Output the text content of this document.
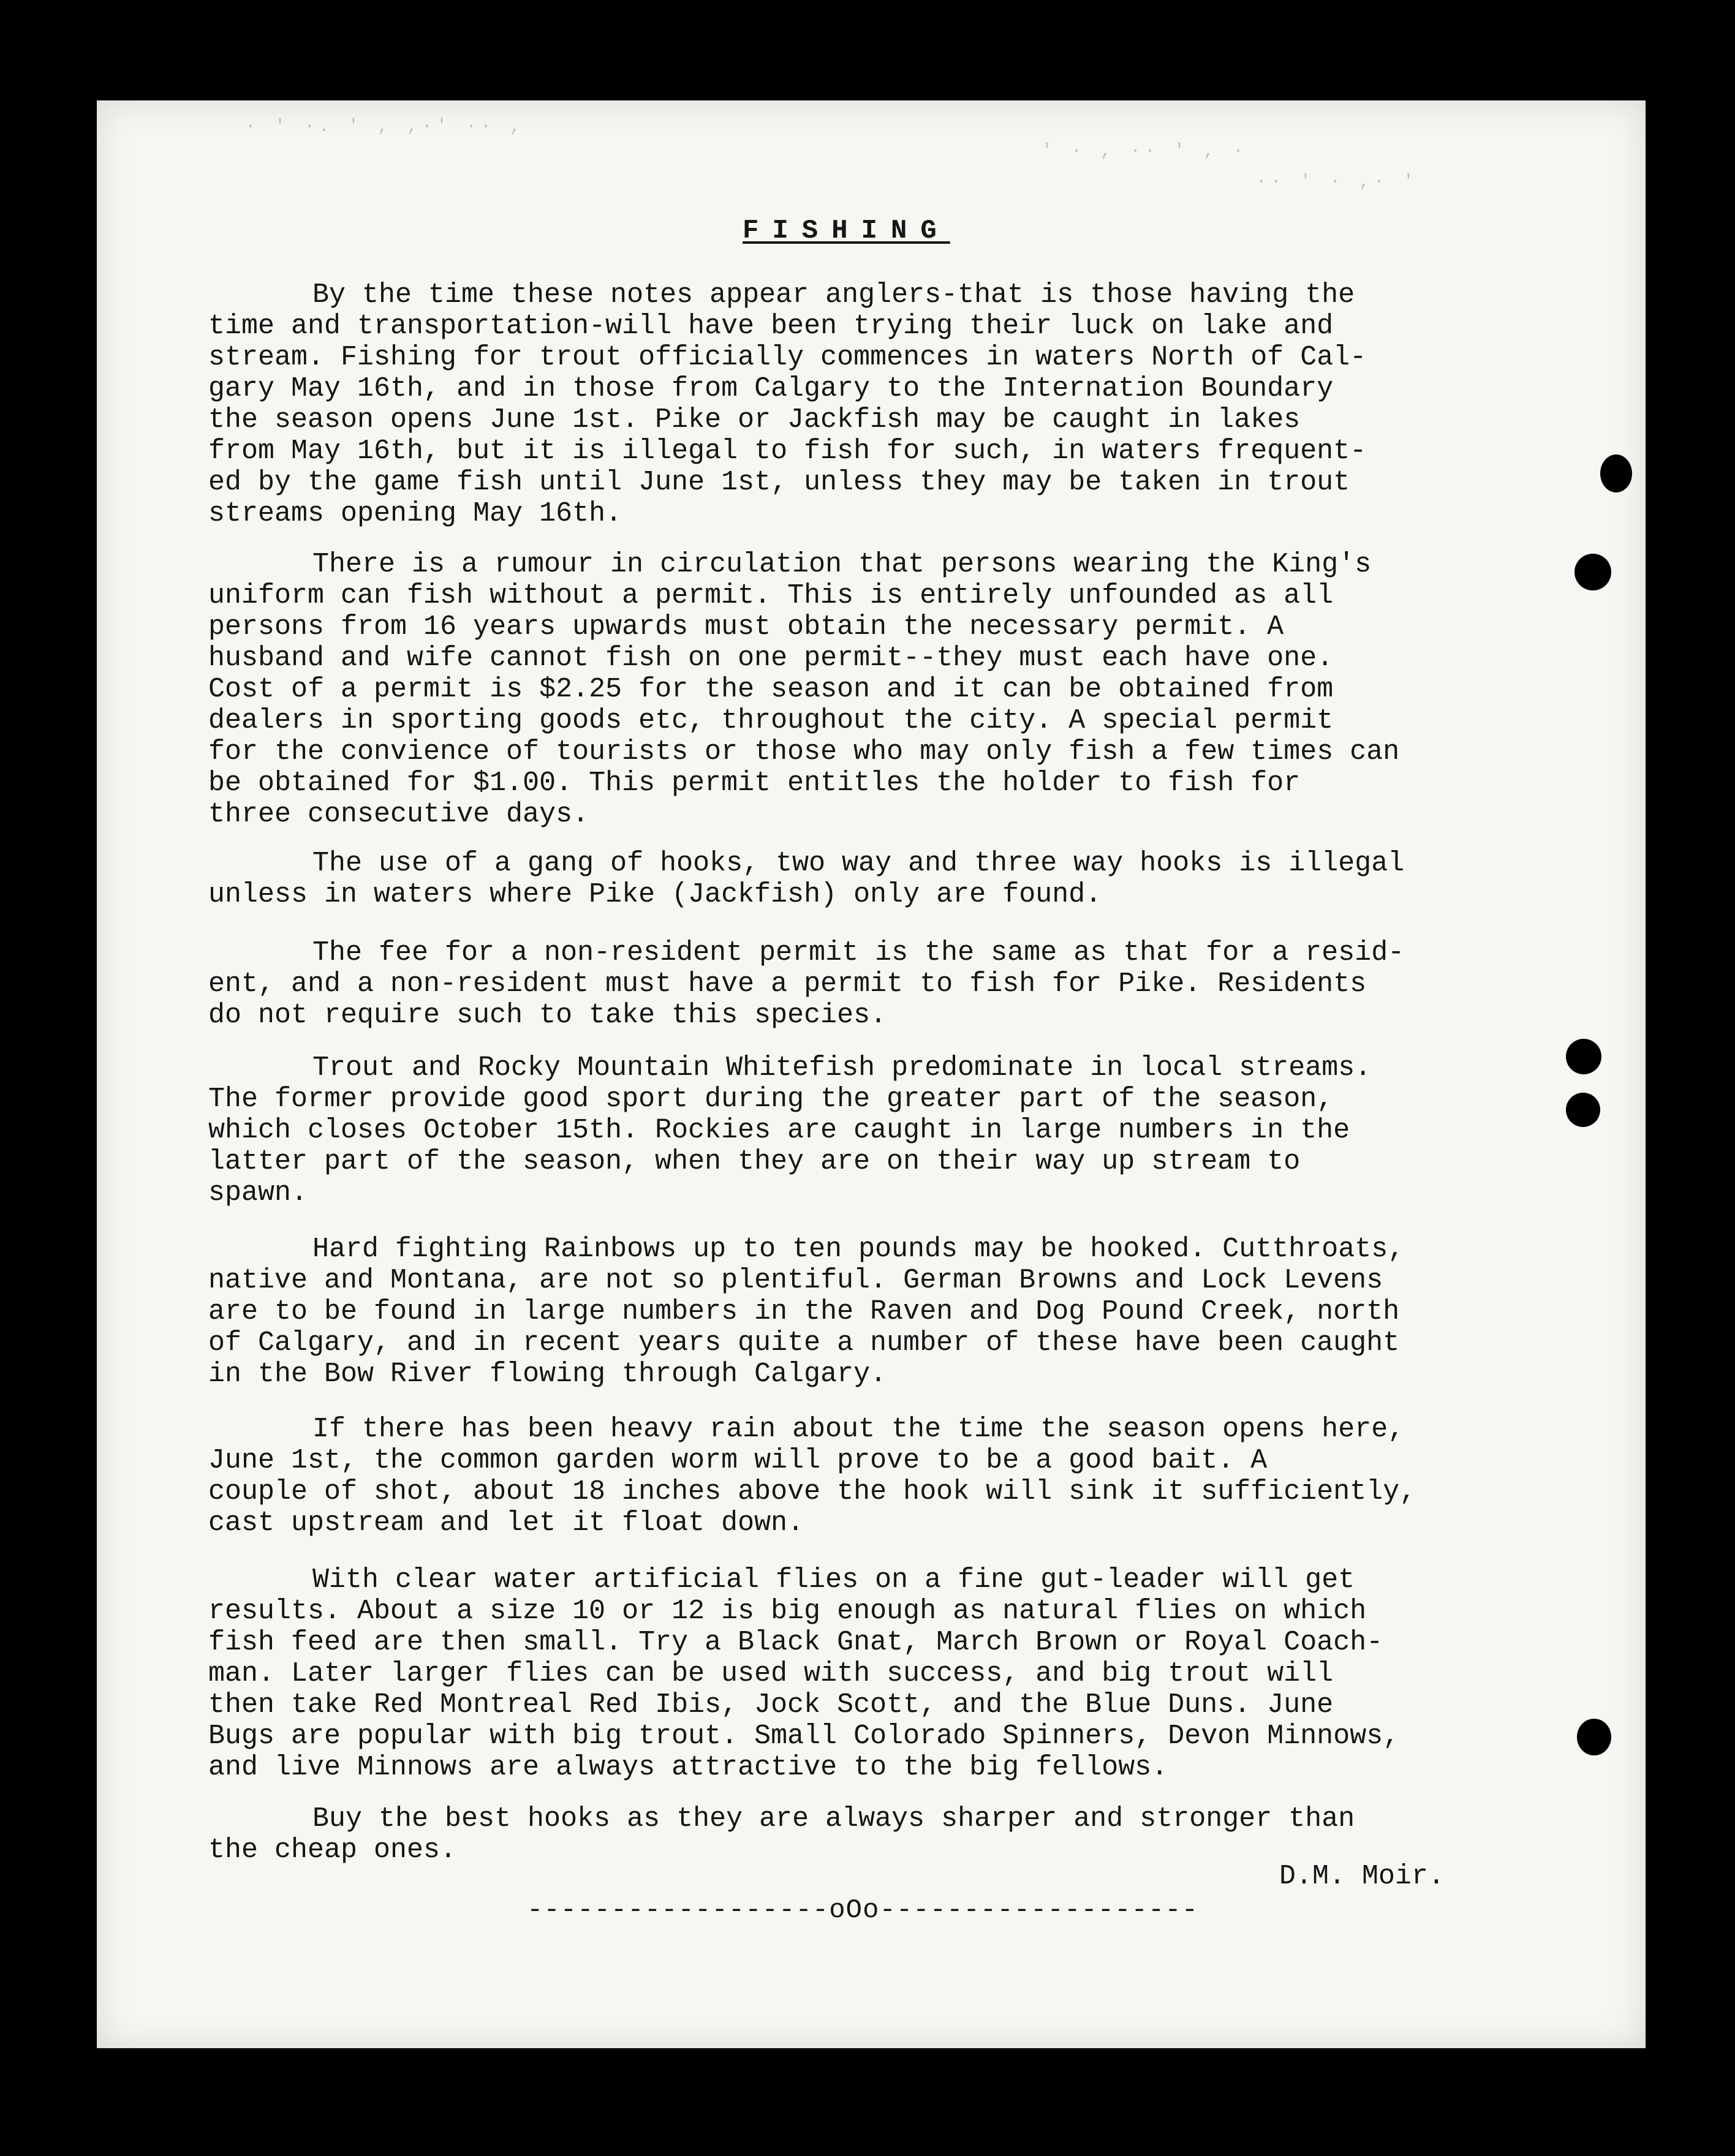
· ' ·. ' , ,·' ·· ,
' · , ·· ' , ·
·· ' · ,· '
FISHING

By the time these notes appear anglers-that is those having the
time and transportation-will have been trying their luck on lake and
stream. Fishing for trout officially commences in waters North of Cal-
gary May 16th, and in those from Calgary to the Internation Boundary
the season opens June 1st. Pike or Jackfish may be caught in lakes
from May 16th, but it is illegal to fish for such, in waters frequent-
ed by the game fish until June 1st, unless they may be taken in trout
streams opening May 16th.

There is a rumour in circulation that persons wearing the King's
uniform can fish without a permit. This is entirely unfounded as all
persons from 16 years upwards must obtain the necessary permit. A
husband and wife cannot fish on one permit--they must each have one.
Cost of a permit is $2.25 for the season and it can be obtained from
dealers in sporting goods etc, throughout the city. A special permit
for the convience of tourists or those who may only fish a few times can
be obtained for $1.00. This permit entitles the holder to fish for
three consecutive days.

The use of a gang of hooks, two way and three way hooks is illegal
unless in waters where Pike (Jackfish) only are found.

The fee for a non-resident permit is the same as that for a resid-
ent, and a non-resident must have a permit to fish for Pike. Residents
do not require such to take this species.

Trout and Rocky Mountain Whitefish predominate in local streams.
The former provide good sport during the greater part of the season,
which closes October 15th. Rockies are caught in large numbers in the
latter part of the season, when they are on their way up stream to
spawn.

Hard fighting Rainbows up to ten pounds may be hooked. Cutthroats,
native and Montana, are not so plentiful. German Browns and Lock Levens
are to be found in large numbers in the Raven and Dog Pound Creek, north
of Calgary, and in recent years quite a number of these have been caught
in the Bow River flowing through Calgary.

If there has been heavy rain about the time the season opens here,
June 1st, the common garden worm will prove to be a good bait. A
couple of shot, about 18 inches above the hook will sink it sufficiently,
cast upstream and let it float down.

With clear water artificial flies on a fine gut-leader will get
results. About a size 10 or 12 is big enough as natural flies on which
fish feed are then small. Try a Black Gnat, March Brown or Royal Coach-
man. Later larger flies can be used with success, and big trout will
then take Red Montreal Red Ibis, Jock Scott, and the Blue Duns. June
Bugs are popular with big trout. Small Colorado Spinners, Devon Minnows,
and live Minnows are always attractive to the big fellows.

Buy the best hooks as they are always sharper and stronger than
the cheap ones.

D.M. Moir.
------------------oOo-------------------
